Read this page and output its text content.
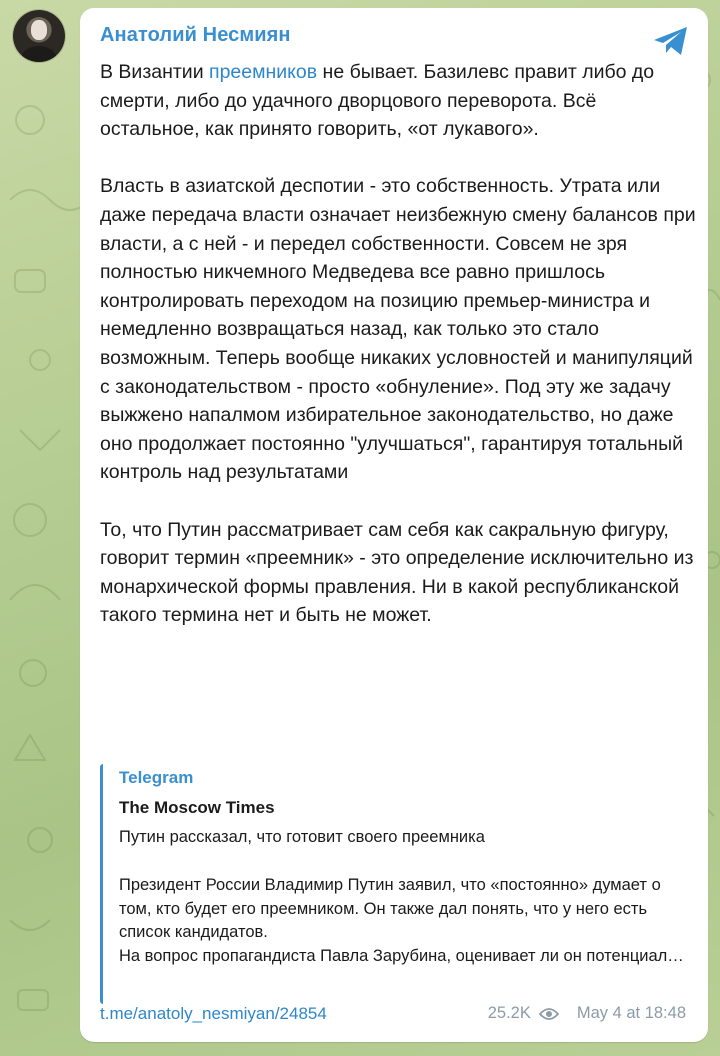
Анатолий Несмиян

В Византии преемников не бывает. Базилевс правит либо до смерти, либо до удачного дворцового переворота. Всё остальное, как принято говорить, «от лукавого».

Власть в азиатской деспотии - это собственность. Утрата или даже передача власти означает неизбежную смену балансов при власти, а с ней - и передел собственности. Совсем не зря полностью никчемного Медведева все равно пришлось контролировать переходом на позицию премьер-министра и немедленно возвращаться назад, как только это стало возможным. Теперь вообще никаких условностей и манипуляций с законодательством - просто «обнуление». Под эту же задачу выжжено напалмом избирательное законодательство, но даже оно продолжает постоянно "улучшаться", гарантируя тотальный контроль над результатами

То, что Путин рассматривает сам себя как сакральную фигуру, говорит термин «преемник» - это определение исключительно из монархической формы правления. Ни в какой республиканской такого термина нет и быть не может.

Telegram
The Moscow Times
Путин рассказал, что готовит своего преемника
Президент России Владимир Путин заявил, что «постоянно» думает о том, кто будет его преемником. Он также дал понять, что у него есть список кандидатов.
На вопрос пропагандиста Павла Зарубина, оценивает ли он потенциал…
t.me/anatoly_nesmiyan/24854	25.2K	May 4 at 18:48
